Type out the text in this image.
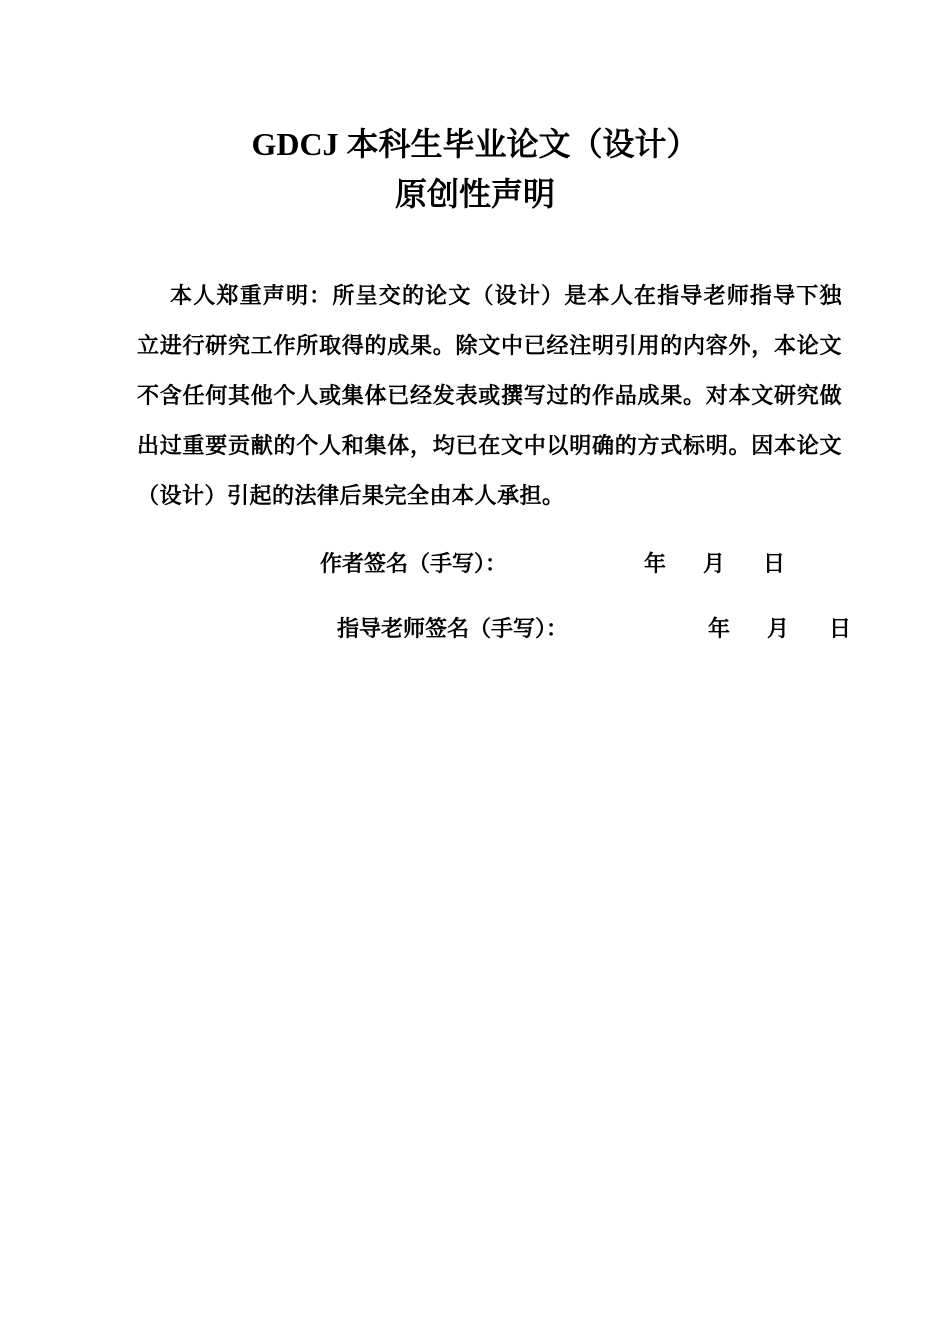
GDCJ 本科生毕业论文（设计）
原创性声明
本人郑重声明：所呈交的论文（设计）是本人在指导老师指导下独立进行研究工作所取得的成果。除文中已经注明引用的内容外，本论文不含任何其他个人或集体已经发表或撰写过的作品成果。对本文研究做出过重要贡献的个人和集体，均已在文中以明确的方式标明。因本论文（设计）引起的法律后果完全由本人承担。
作者签名（手写）：	年 月 日
指导老师签名（手写）：	年 月 日
